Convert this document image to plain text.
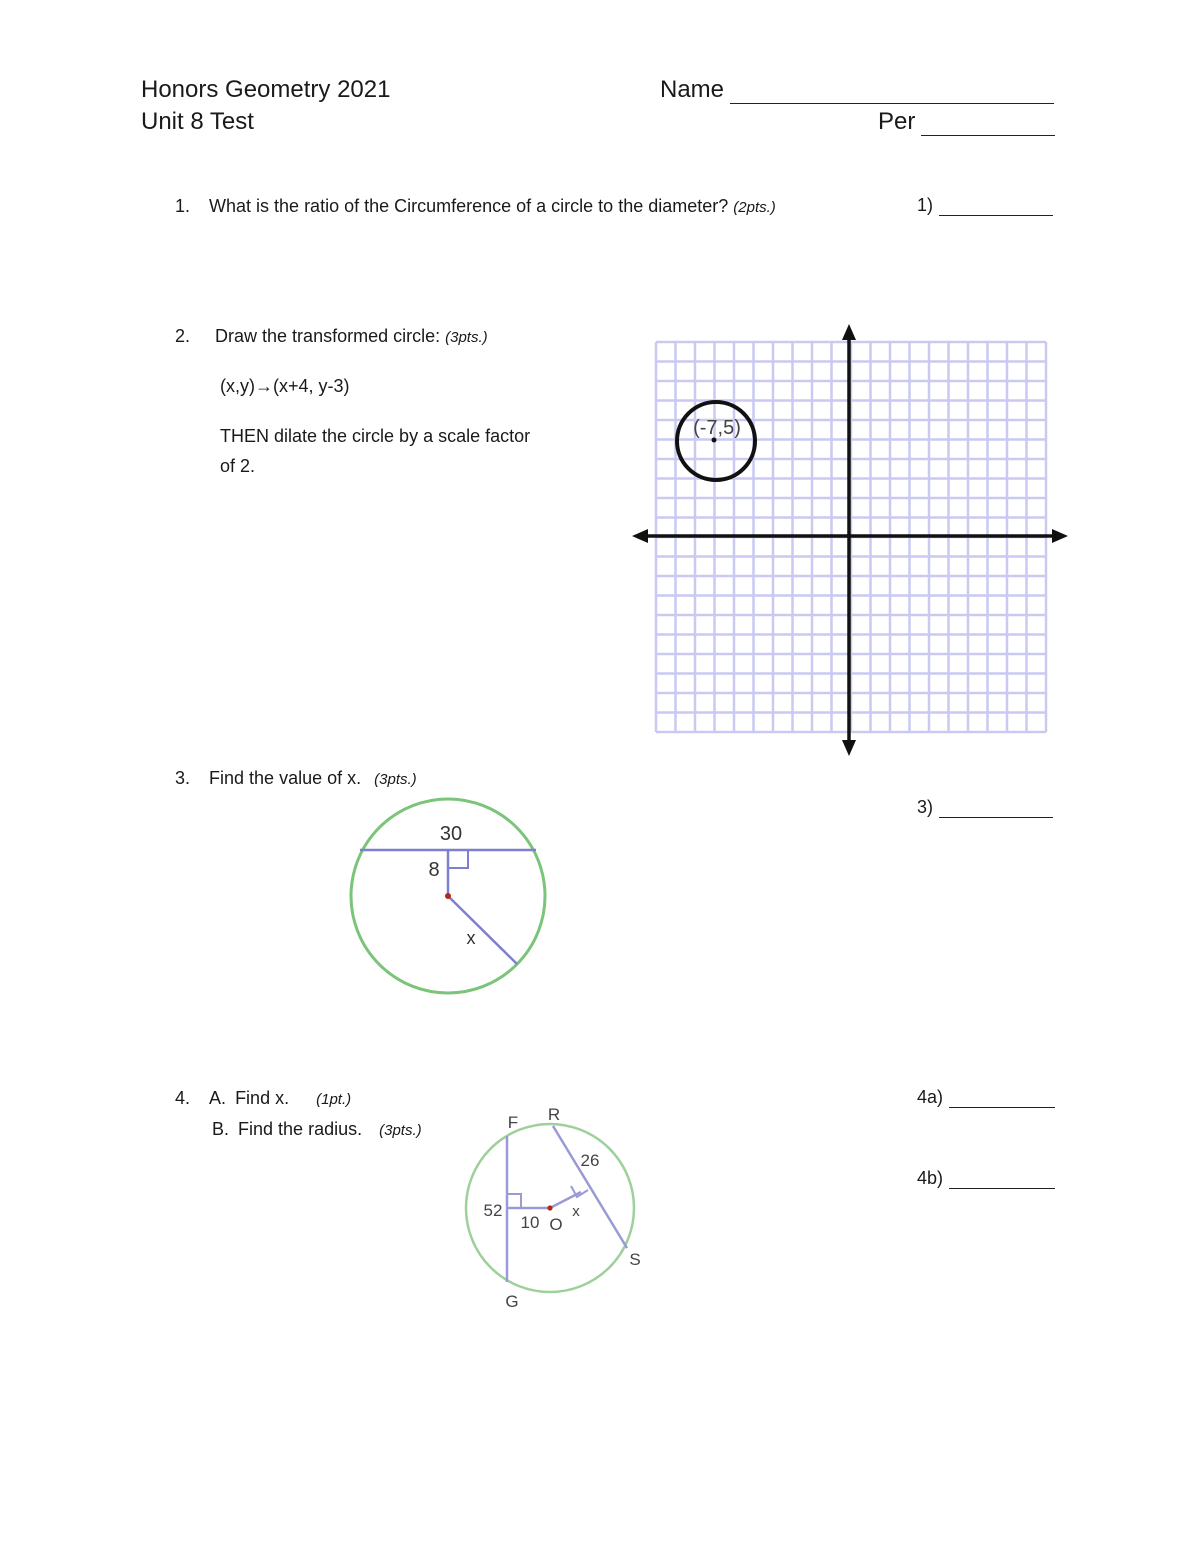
Honors Geometry 2021
Unit 8 Test
Name
Per
1. What is the ratio of the Circumference of a circle to the diameter? (2pts.)	1)
2. Draw the transformed circle: (3pts.)
(x,y)→(x+4, y-3)
THEN dilate the circle by a scale factor
of 2.
(-7,5)
3. Find the value of x. (3pts.)
3)
30
8
x
4. A. Find x. (1pt.)
B. Find the radius. (3pts.)
4a)
4b)
F R
G
S
O
52
10
26
x
